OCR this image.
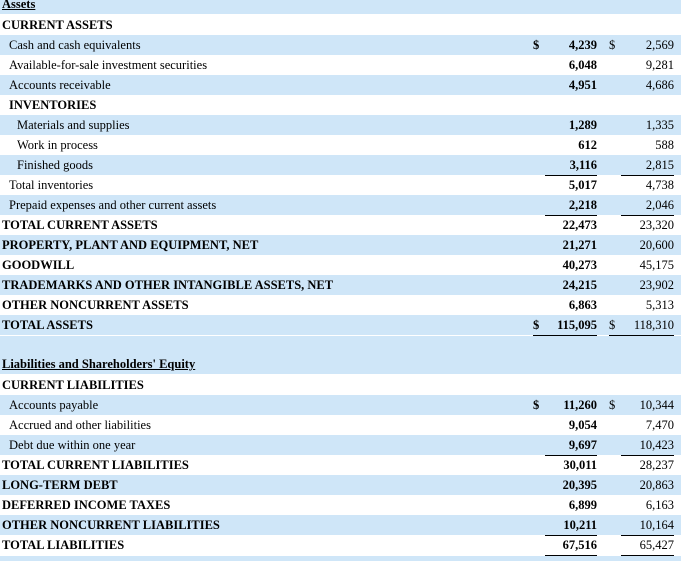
Assets
CURRENT ASSETS
Cash and cash equivalents	$	4,239 $	2,569
Available-for-sale investment securities	6,048	9,281
Accounts receivable	4,951	4,686
INVENTORIES
Materials and supplies	1,289	1,335
Work in process	612	588
Finished goods	3,116	2,815
Total inventories	5,017	4,738
Prepaid expenses and other current assets	2,218	2,046
TOTAL CURRENT ASSETS	22,473	23,320
PROPERTY, PLANT AND EQUIPMENT, NET	21,271	20,600
GOODWILL	40,273	45,175
TRADEMARKS AND OTHER INTANGIBLE ASSETS, NET	24,215	23,902
OTHER NONCURRENT ASSETS	6,863	5,313
TOTAL ASSETS	$	115,095 $	118,310
Liabilities and Shareholders' Equity
CURRENT LIABILITIES
Accounts payable	$	11,260 $	10,344
Accrued and other liabilities	9,054	7,470
Debt due within one year	9,697	10,423
TOTAL CURRENT LIABILITIES	30,011	28,237
LONG-TERM DEBT	20,395	20,863
DEFERRED INCOME TAXES	6,899	6,163
OTHER NONCURRENT LIABILITIES	10,211	10,164
TOTAL LIABILITIES	67,516	65,427
